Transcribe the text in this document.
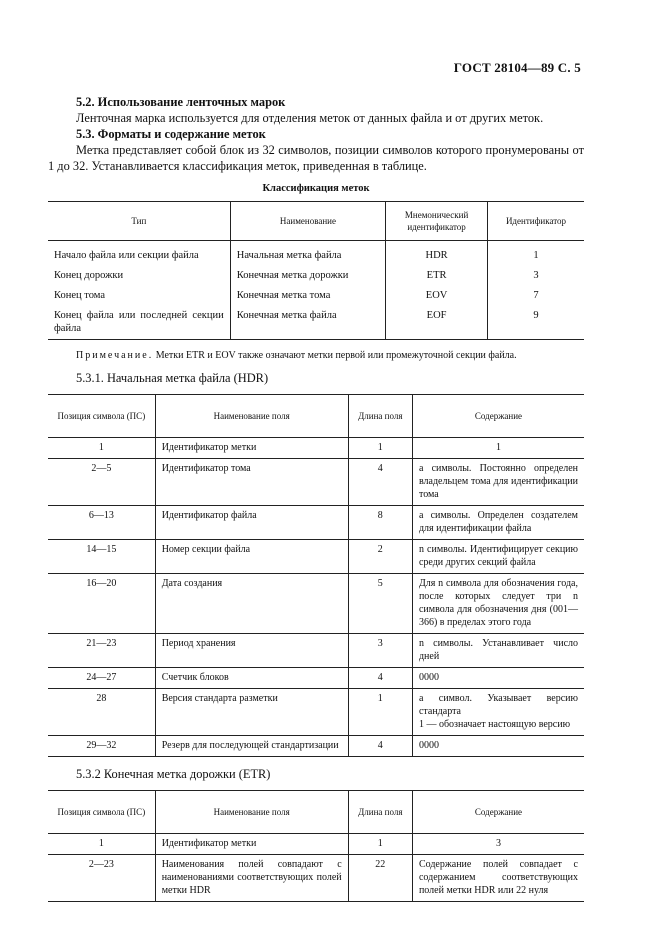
ГОСТ 28104—89 С. 5
5.2. Использование ленточных марок
Ленточная марка используется для отделения меток от данных файла и от других меток.
5.3. Форматы и содержание меток
Метка представляет собой блок из 32 символов, позиции символов которого пронумерованы от 1 до 32. Устанавливается классификация меток, приведенная в таблице.
Классификация меток
Тип	Наименование	Мнемонический идентификатор	Идентификатор
Начало файла или секции файла	Начальная метка файла	HDR	1
Конец дорожки	Конечная метка дорожки	ETR	3
Конец тома	Конечная метка тома	EOV	7
Конец файла или последней секции файла	Конечная метка файла	EOF	9
Примечание. Метки ETR и EOV также означают метки первой или промежуточной секции файла.
5.3.1. Начальная метка файла (HDR)
Позиция символа (ПС)	Наименование поля	Длина поля	Содержание
1	Идентификатор метки	1	1
2—5	Идентификатор тома	4	a символы. Постоянно определен владельцем тома для идентификации тома
6—13	Идентификатор файла	8	a символы. Определен создателем для идентификации файла
14—15	Номер секции файла	2	n символы. Идентифицирует секцию среди других секций файла
16—20	Дата создания	5	Для n символа для обозначения года, после которых следует три n символа для обозначения дня (001—366) в пределах этого года
21—23	Период хранения	3	n символы. Устанавливает число дней
24—27	Счетчик блоков	4	0000
28	Версия стандарта разметки	1	a символ. Указывает версию стандарта
1 — обозначает настоящую версию
29—32	Резерв для последующей стандартизации	4	0000
5.3.2 Конечная метка дорожки (ETR)
Позиция символа (ПС)	Наименование поля	Длина поля	Содержание
1	Идентификатор метки	1	3
2—23	Наименования полей совпадают с наименованиями соответствующих полей метки HDR	22	Содержание полей совпадает с содержанием соответствующих полей метки HDR или 22 нуля
